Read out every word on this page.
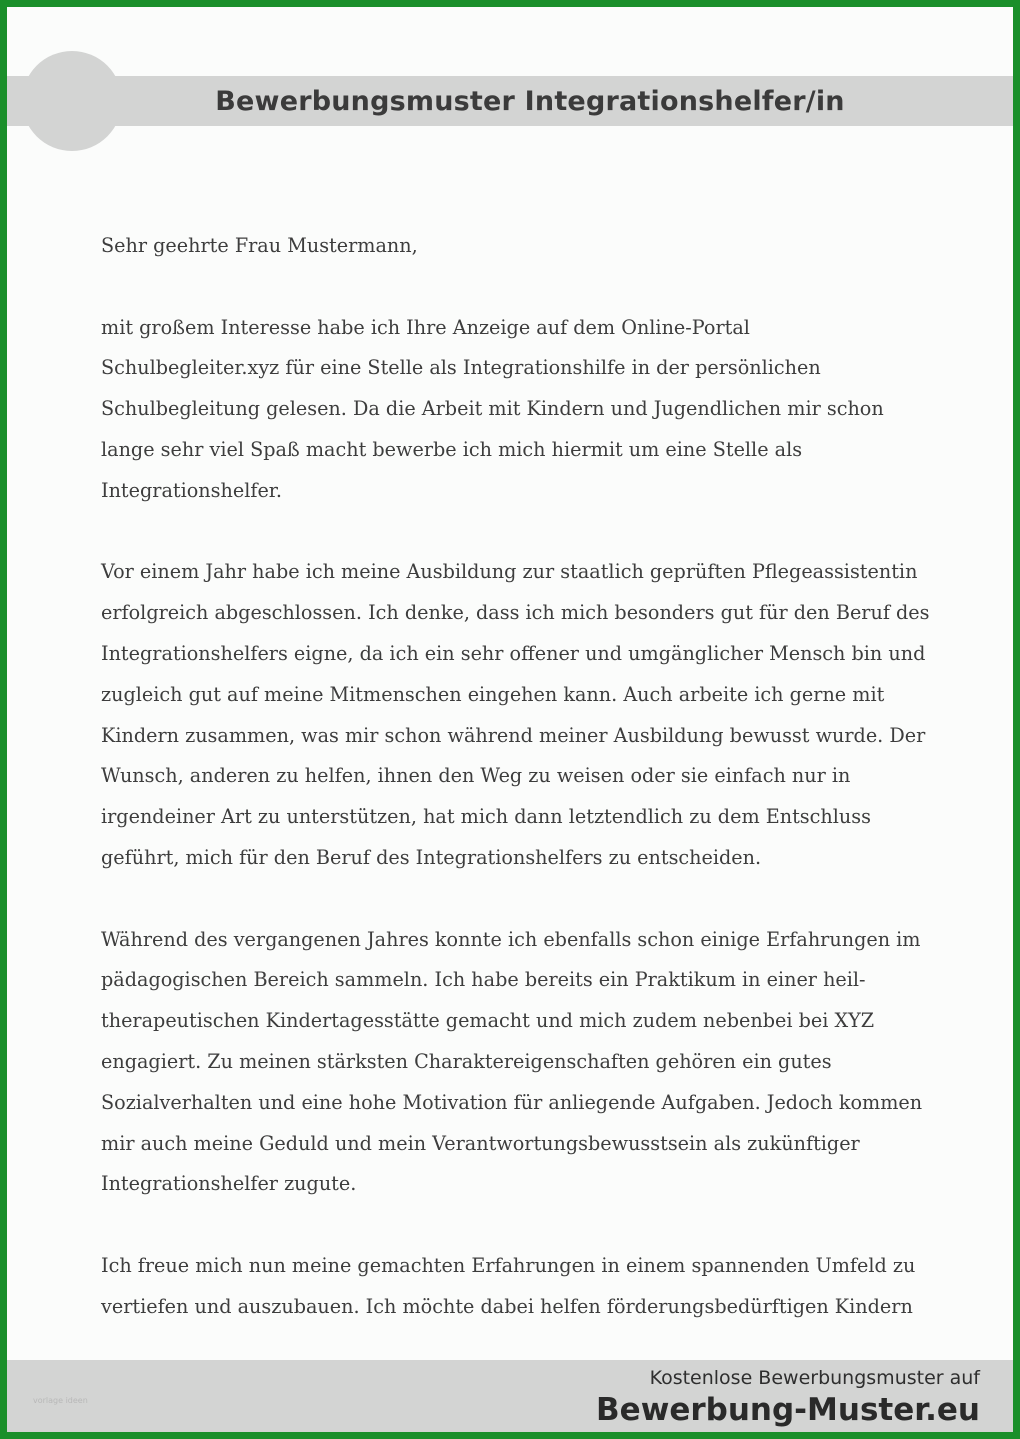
Bewerbungsmuster Integrationshelfer/in

Sehr geehrte Frau Mustermann,

mit großem Interesse habe ich Ihre Anzeige auf dem Online-Portal Schulbegleiter.xyz für eine Stelle als Integrationshilfe in der persönlichen Schulbegleitung gelesen. Da die Arbeit mit Kindern und Jugendlichen mir schon lange sehr viel Spaß macht bewerbe ich mich hiermit um eine Stelle als Integrationshelfer.

Vor einem Jahr habe ich meine Ausbildung zur staatlich geprüften Pflegeassistentin erfolgreich abgeschlossen. Ich denke, dass ich mich besonders gut für den Beruf des Integrationshelfers eigne, da ich ein sehr offener und umgänglicher Mensch bin und zugleich gut auf meine Mitmenschen eingehen kann. Auch arbeite ich gerne mit Kindern zusammen, was mir schon während meiner Ausbildung bewusst wurde. Der Wunsch, anderen zu helfen, ihnen den Weg zu weisen oder sie einfach nur in irgendeiner Art zu unterstützen, hat mich dann letztendlich zu dem Entschluss geführt, mich für den Beruf des Integrationshelfers zu entscheiden.

Während des vergangenen Jahres konnte ich ebenfalls schon einige Erfahrungen im pädagogischen Bereich sammeln. Ich habe bereits ein Praktikum in einer heil-therapeutischen Kindertagesstätte gemacht und mich zudem nebenbei bei XYZ engagiert. Zu meinen stärksten Charaktereigenschaften gehören ein gutes Sozialverhalten und eine hohe Motivation für anliegende Aufgaben. Jedoch kommen mir auch meine Geduld und mein Verantwortungsbewusstsein als zukünftiger Integrationshelfer zugute.

Ich freue mich nun meine gemachten Erfahrungen in einem spannenden Umfeld zu vertiefen und auszubauen. Ich möchte dabei helfen förderungsbedürftigen Kindern

vorlage ideen
Kostenlose Bewerbungsmuster auf
Bewerbung-Muster.eu
